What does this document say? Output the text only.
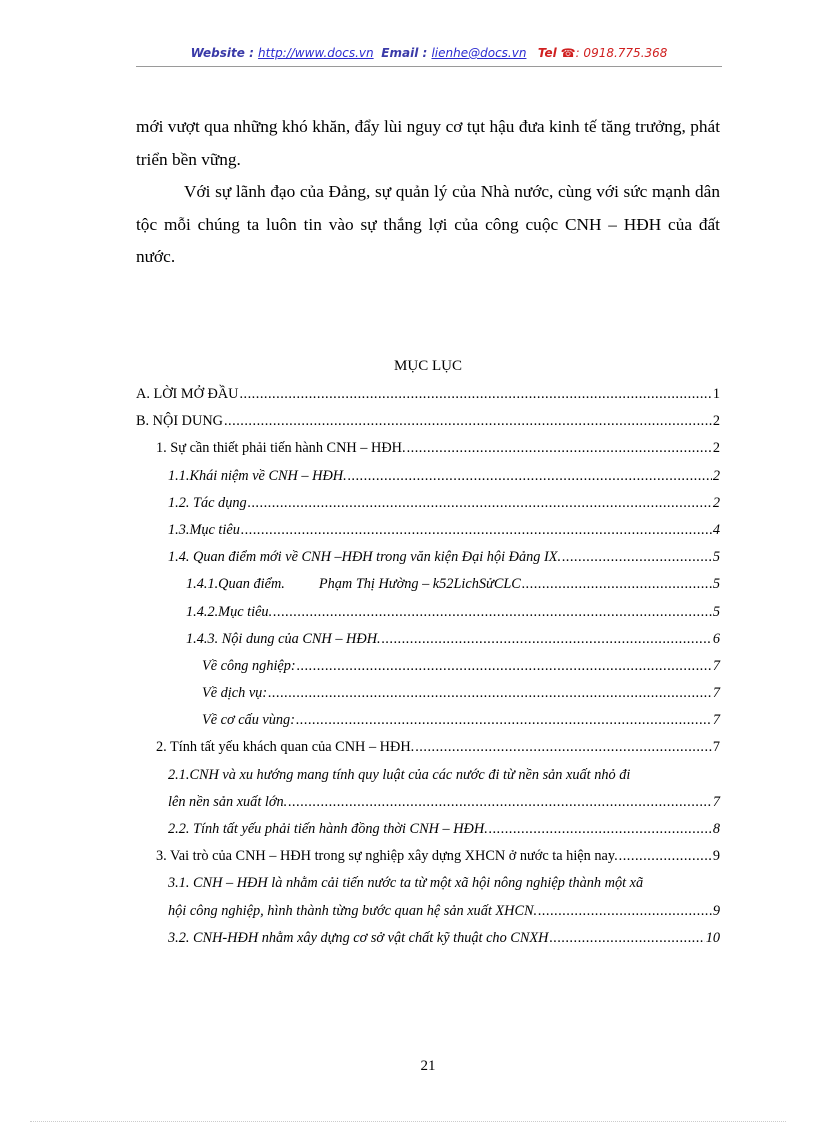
Website : http://www.docs.vn Email : lienhe@docs.vn Tel ☎: 0918.775.368

mới vượt qua những khó khăn, đẩy lùi nguy cơ tụt hậu đưa kinh tế tăng trưởng, phát triển bền vững.

Với sự lãnh đạo của Đảng, sự quản lý của Nhà nước, cùng với sức mạnh dân tộc mỗi chúng ta luôn tin vào sự thắng lợi của công cuộc CNH – HĐH của đất nước.

MỤC LỤC
A. LỜI MỞ ĐẦU .....	1
B. NỘI DUNG .....	2
1. Sự cần thiết phải tiến hành CNH – HĐH. .....	2
1.1.Khái niệm về CNH – HĐH. .....	2
1.2. Tác dụng .....	2
1.3.Mục tiêu .....	4
1.4. Quan điểm mới về CNH –HĐH trong văn kiện Đại hội Đảng IX. .....	5
1.4.1.Quan điểm.	Phạm Thị Hường – k52LichSửCLC .....	5
1.4.2.Mục tiêu. .....	5
1.4.3. Nội dung của CNH – HĐH. .....	6
Về công nghiệp: .....	7
Về dịch vụ: .....	7
Về cơ cấu vùng: .....	7
2. Tính tất yếu khách quan của CNH – HĐH. .....	7
2.1.CNH và xu hướng mang tính quy luật của các nước đi từ nền sản xuất nhỏ đi
lên nền sản xuất lớn. .....	7
2.2. Tính tất yếu phải tiến hành đồng thời CNH – HĐH. .....	8
3. Vai trò của CNH – HĐH trong sự nghiệp xây dựng XHCN ở nước ta hiện nay. .....	9
3.1. CNH – HĐH là nhằm cải tiến nước ta từ một xã hội nông nghiệp thành một xã
hội công nghiệp, hình thành từng bước quan hệ sản xuất XHCN. .....	9
3.2. CNH-HĐH nhằm xây dựng cơ sở vật chất kỹ thuật cho CNXH .....	10
21
